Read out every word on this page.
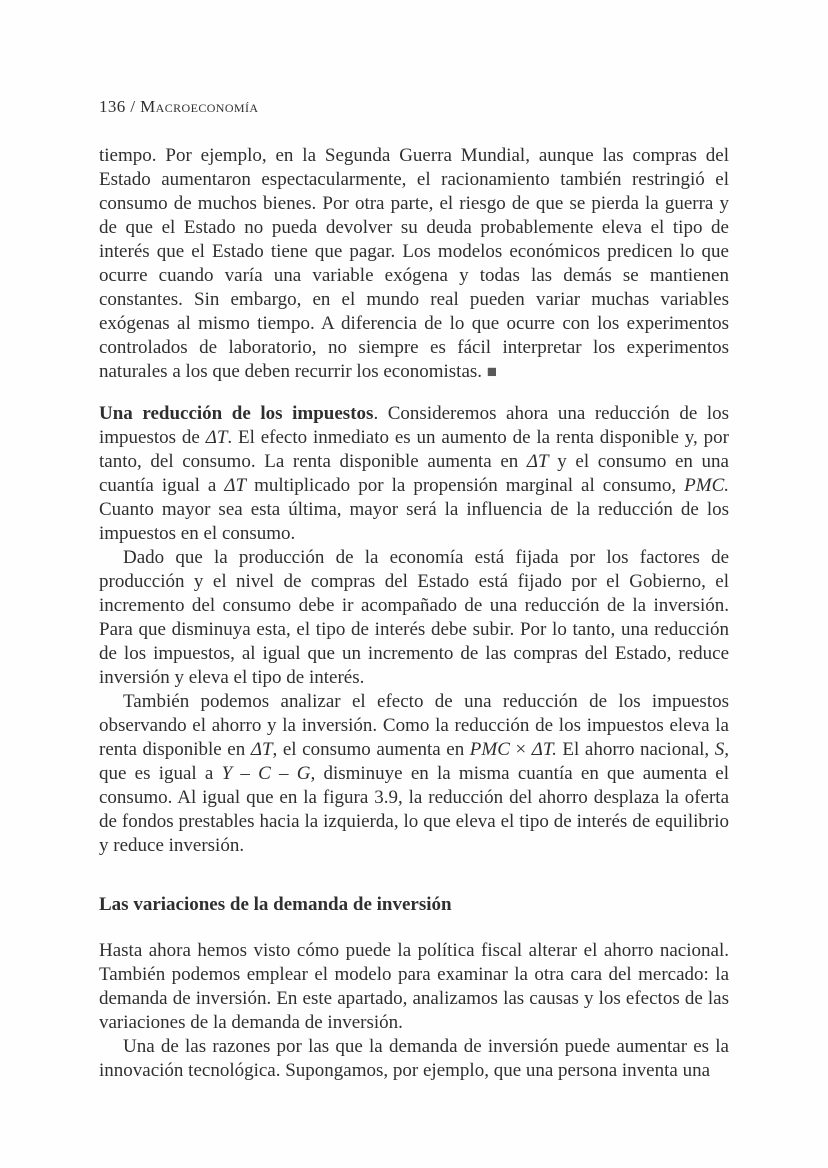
136 / Macroeconomía

tiempo. Por ejemplo, en la Segunda Guerra Mundial, aunque las compras del Estado aumentaron espectacularmente, el racionamiento también restringió el consumo de muchos bienes. Por otra parte, el riesgo de que se pierda la guerra y de que el Estado no pueda devolver su deuda probablemente eleva el tipo de interés que el Estado tiene que pagar. Los modelos económicos predicen lo que ocurre cuando varía una variable exógena y todas las demás se mantienen constantes. Sin embargo, en el mundo real pueden variar muchas variables exógenas al mismo tiempo. A diferencia de lo que ocurre con los experimentos controlados de laboratorio, no siempre es fácil interpretar los experimentos naturales a los que deben recurrir los economistas. ■

Una reducción de los impuestos. Consideremos ahora una reducción de los impuestos de ΔT. El efecto inmediato es un aumento de la renta disponible y, por tanto, del consumo. La renta disponible aumenta en ΔT y el consumo en una cuantía igual a ΔT multiplicado por la propensión marginal al consumo, PMC. Cuanto mayor sea esta última, mayor será la influencia de la reducción de los impuestos en el consumo.

Dado que la producción de la economía está fijada por los factores de producción y el nivel de compras del Estado está fijado por el Gobierno, el incremento del consumo debe ir acompañado de una reducción de la inversión. Para que disminuya esta, el tipo de interés debe subir. Por lo tanto, una reducción de los impuestos, al igual que un incremento de las compras del Estado, reduce inversión y eleva el tipo de interés.

También podemos analizar el efecto de una reducción de los impuestos observando el ahorro y la inversión. Como la reducción de los impuestos eleva la renta disponible en ΔT, el consumo aumenta en PMC × ΔT. El ahorro nacional, S, que es igual a Y – C – G, disminuye en la misma cuantía en que aumenta el consumo. Al igual que en la figura 3.9, la reducción del ahorro desplaza la oferta de fondos prestables hacia la izquierda, lo que eleva el tipo de interés de equilibrio y reduce inversión.

Las variaciones de la demanda de inversión

Hasta ahora hemos visto cómo puede la política fiscal alterar el ahorro nacional. También podemos emplear el modelo para examinar la otra cara del mercado: la demanda de inversión. En este apartado, analizamos las causas y los efectos de las variaciones de la demanda de inversión.

Una de las razones por las que la demanda de inversión puede aumentar es la innovación tecnológica. Supongamos, por ejemplo, que una persona inventa una
